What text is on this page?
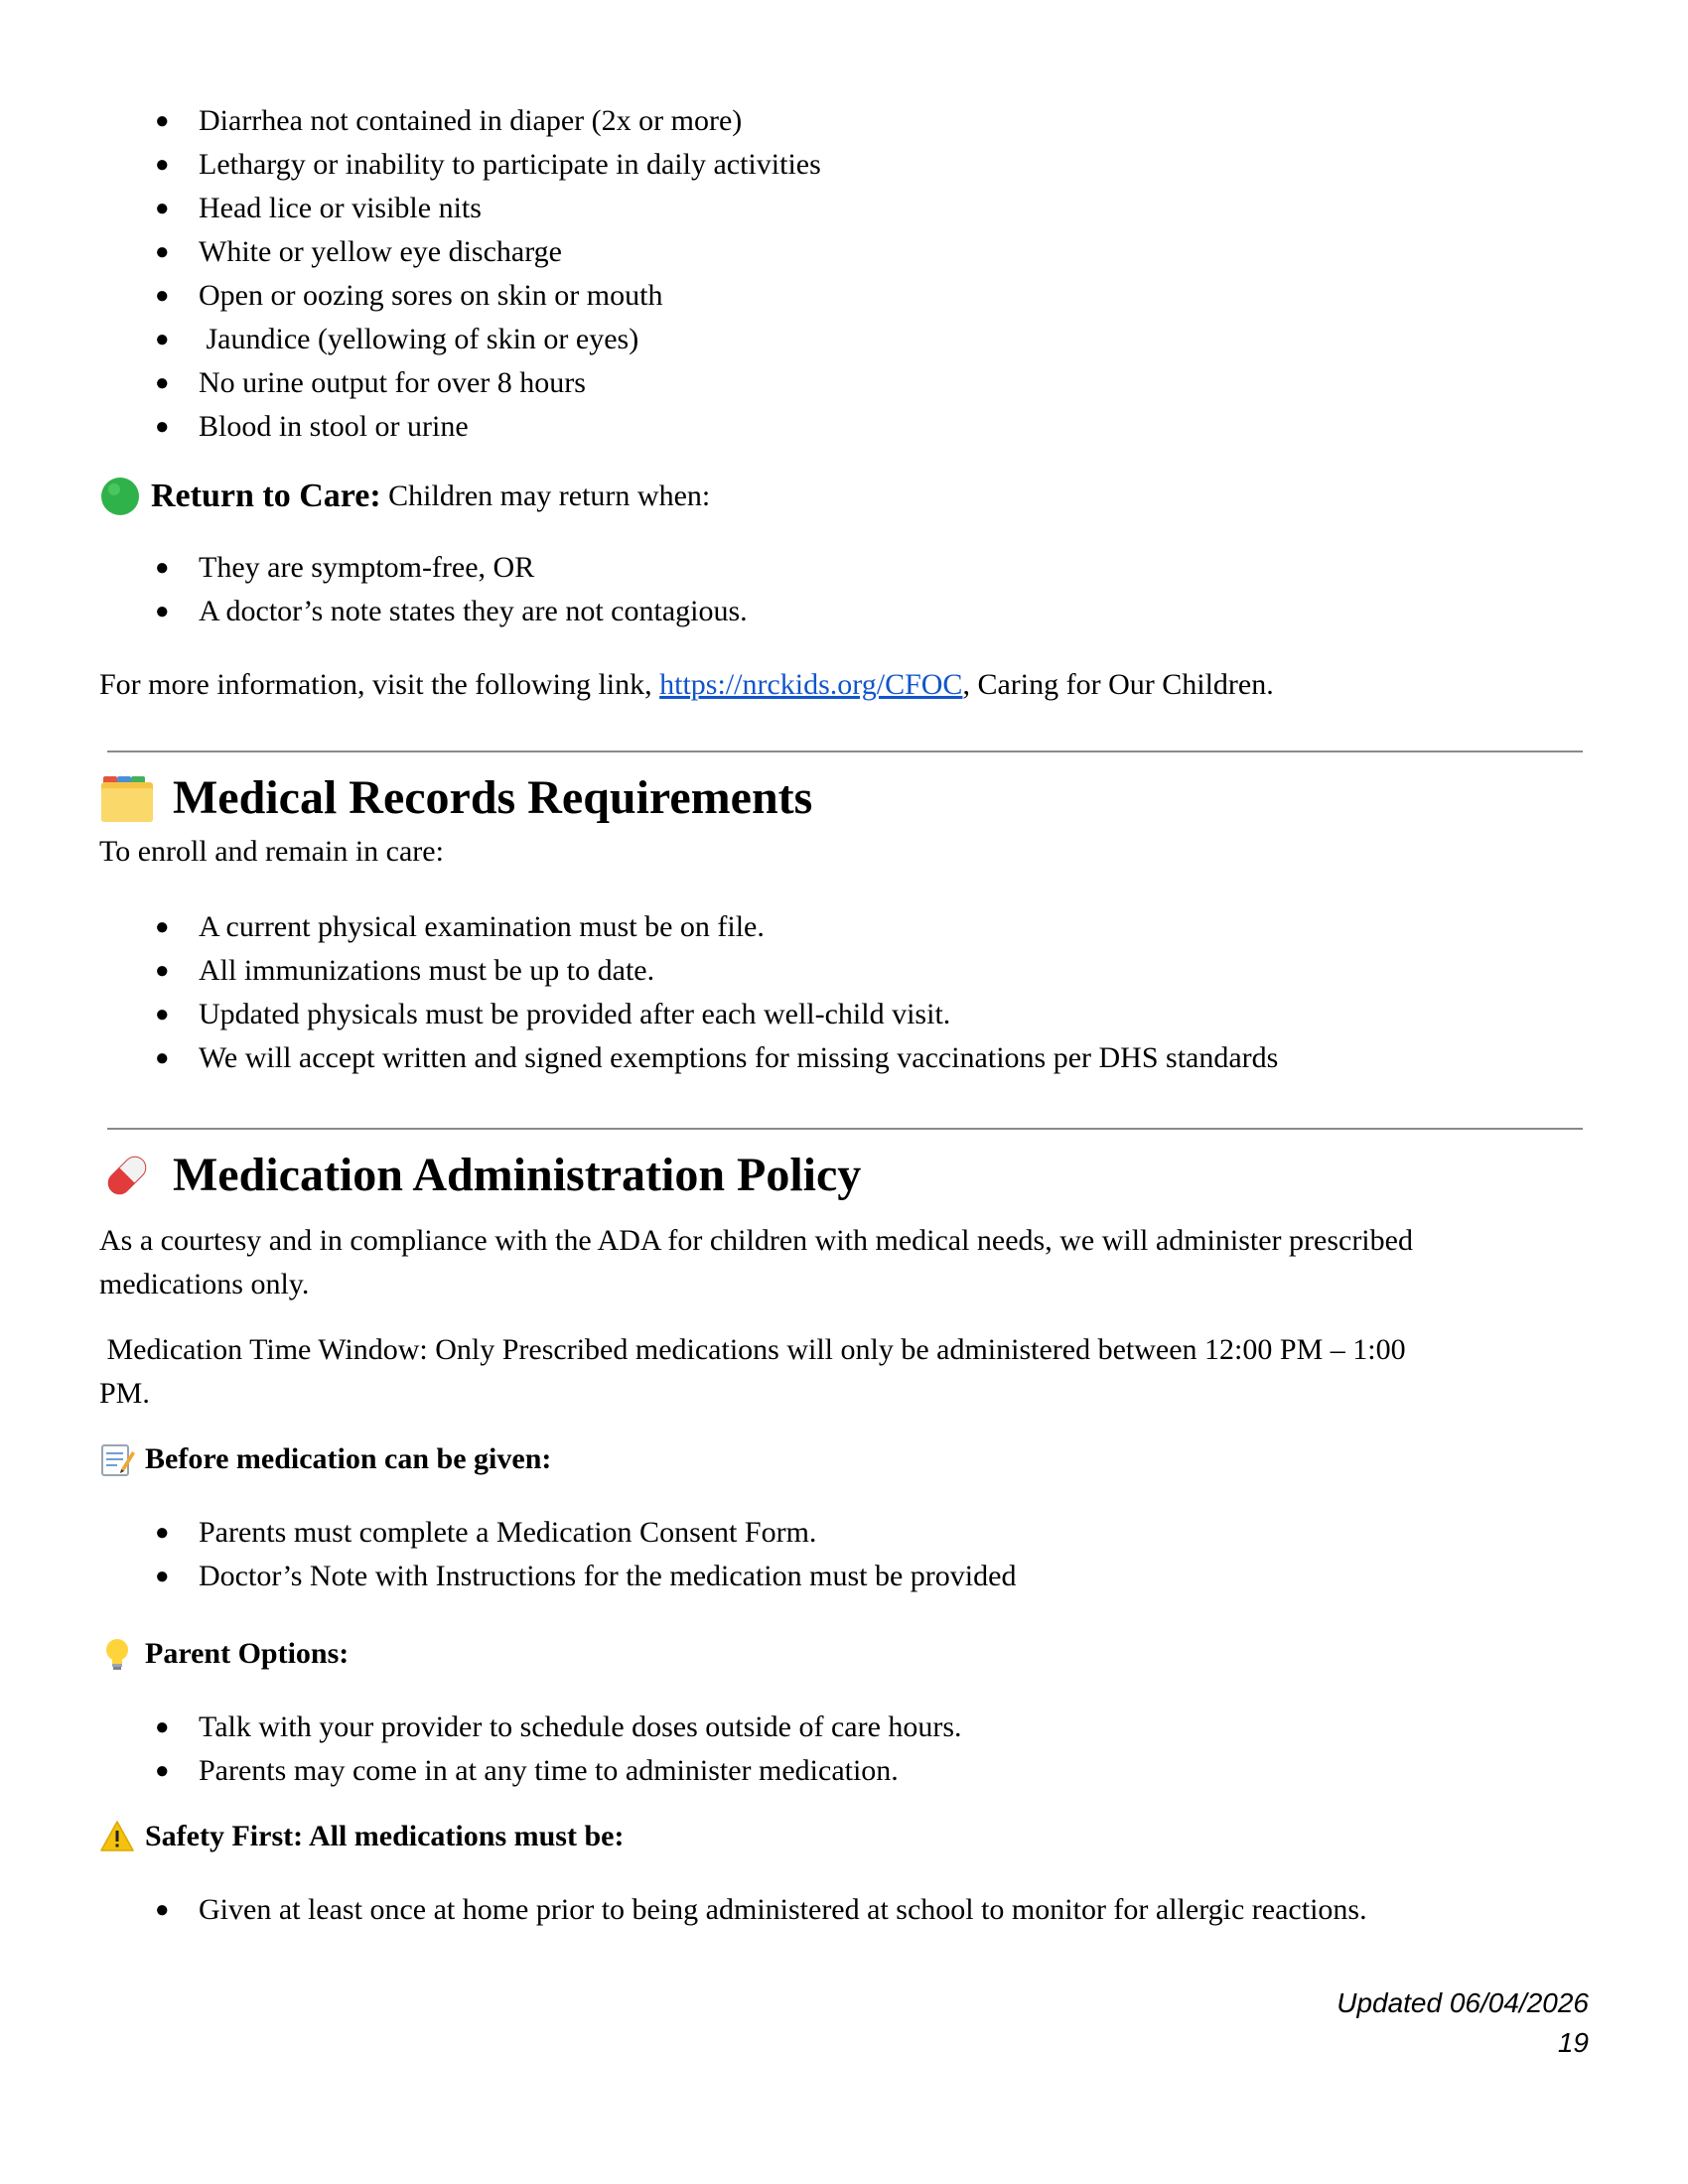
● Diarrhea not contained in diaper (2x or more)
● Lethargy or inability to participate in daily activities
● Head lice or visible nits
● White or yellow eye discharge
● Open or oozing sores on skin or mouth
● Jaundice (yellowing of skin or eyes)
● No urine output for over 8 hours
● Blood in stool or urine

Return to Care: Children may return when:

● They are symptom-free, OR
● A doctor’s note states they are not contagious.

For more information, visit the following link, https://nrckids.org/CFOC, Caring for Our Children.

Medical Records Requirements

To enroll and remain in care:

● A current physical examination must be on file.
● All immunizations must be up to date.
● Updated physicals must be provided after each well-child visit.
● We will accept written and signed exemptions for missing vaccinations per DHS standards
Medication Administration Policy

As a courtesy and in compliance with the ADA for children with medical needs, we will administer prescribed
medications only.

Medication Time Window: Only Prescribed medications will only be administered between 12:00 PM – 1:00
PM.

Before medication can be given:

● Parents must complete a Medication Consent Form.
● Doctor’s Note with Instructions for the medication must be provided

Parent Options:

● Talk with your provider to schedule doses outside of care hours.
● Parents may come in at any time to administer medication.

Safety First: All medications must be:

● Given at least once at home prior to being administered at school to monitor for allergic reactions.
Updated 06/04/2026
19
